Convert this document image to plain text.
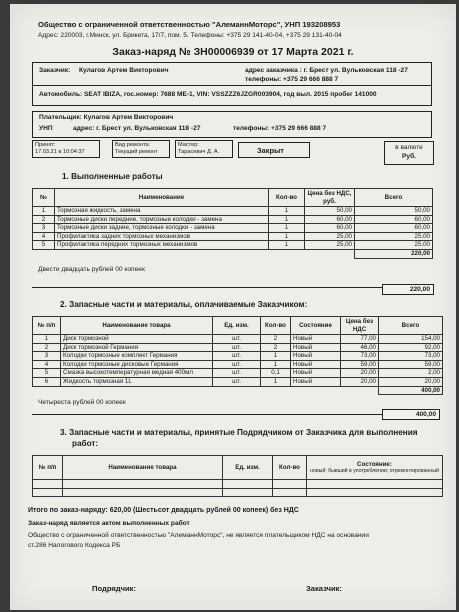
Общество с ограниченной ответственностью "АлеманнМоторс", УНП 193208953
Адрес: 220003, г.Минск, ул. Брикета, 17/7, пом. 5. Телефоны: +375 29 141-40-04, +375 29 131-40-04
Заказ-наряд № ЗН00006939 от 17 Марта 2021 г.
Заказчик: Кулагов Артем Викторович	адрес заказчика : г. Брест ул. Вульковская 118 -27
телефоны: +375 29 666 888 7
Автомобиль: SEAT IBIZA, гос.номер: 7688 ME-1, VIN: VSSZZZ6JZGR003904, год выл. 2015 пробег 141000
Плательщик: Кулагов Артем Викторович
УНП	адрес: г. Брест ул. Вульковская 118 -27	телефоны: +375 29 666 888 7
Принят:
17.03.21 в 10:04:37
Вид ремонта:
Текущий ремонт
Мастер:
Тарасевич Д. А.	Закрыт	в валюте
Руб.
1. Выполненные работы
№	Наименование	Кол-во	Цена без НДС, руб.	Всего
1	Тормозная жидкость, замена	1	50,00	50,00
2	Тормозные диски передние, тормозные колодки - замена	1	60,00	60,00
3	Тормозные диски задние, тормозные колодки - замена	1	60,00	60,00
4	Профилактика задних тормозных механизмов	1	25,00	25,00
5	Профилактика передних тормозных механизмов	1	25,00	25,00
				220,00
Двести двадцать рублей 00 копеек
220,00
2. Запасные части и материалы, оплачиваемые Заказчиком:
№ п/п	Наименование товара	Ед. изм.	Кол-во	Состояние	Цена без НДС	Всего
1	Диск тормозной	шт.	2	Новый	77,00	154,00
2	Диск тормозной Германия	шт.	2	Новый	46,00	92,00
3	Колодки тормозные комплект Германия	шт.	1	Новый	73,00	73,00
4	Колодки тормозные дисковые Германия	шт.	1	Новый	59,00	59,00
5	Смазка высокотемпературная медная 400мл	шт.	0,1	Новый	20,00	2,00
6	Жидкость тормозная 1L	шт.	1	Новый	20,00	20,00
						400,00
Четыреста рублей 00 копеек
400,00
3. Запасные части и материалы, принятые Подрядчиком от Заказчика для выполнения
работ:
№ п/п	Наименование товара	Ед. изм.	Кол-во	Состояние:
новый; бывший в употреблении; отремонтированный

Итого по заказ-наряду: 620,00 (Шестьсот двадцать рублей 00 копеек) без НДС
Заказ-наряд является актом выполненных работ
Общество с ограниченной ответственностью "АлеманнМоторс", не является плательщиком НДС на основании
ст.286 Налогового Кодекса РБ
Подрядчик:	Заказчик:
